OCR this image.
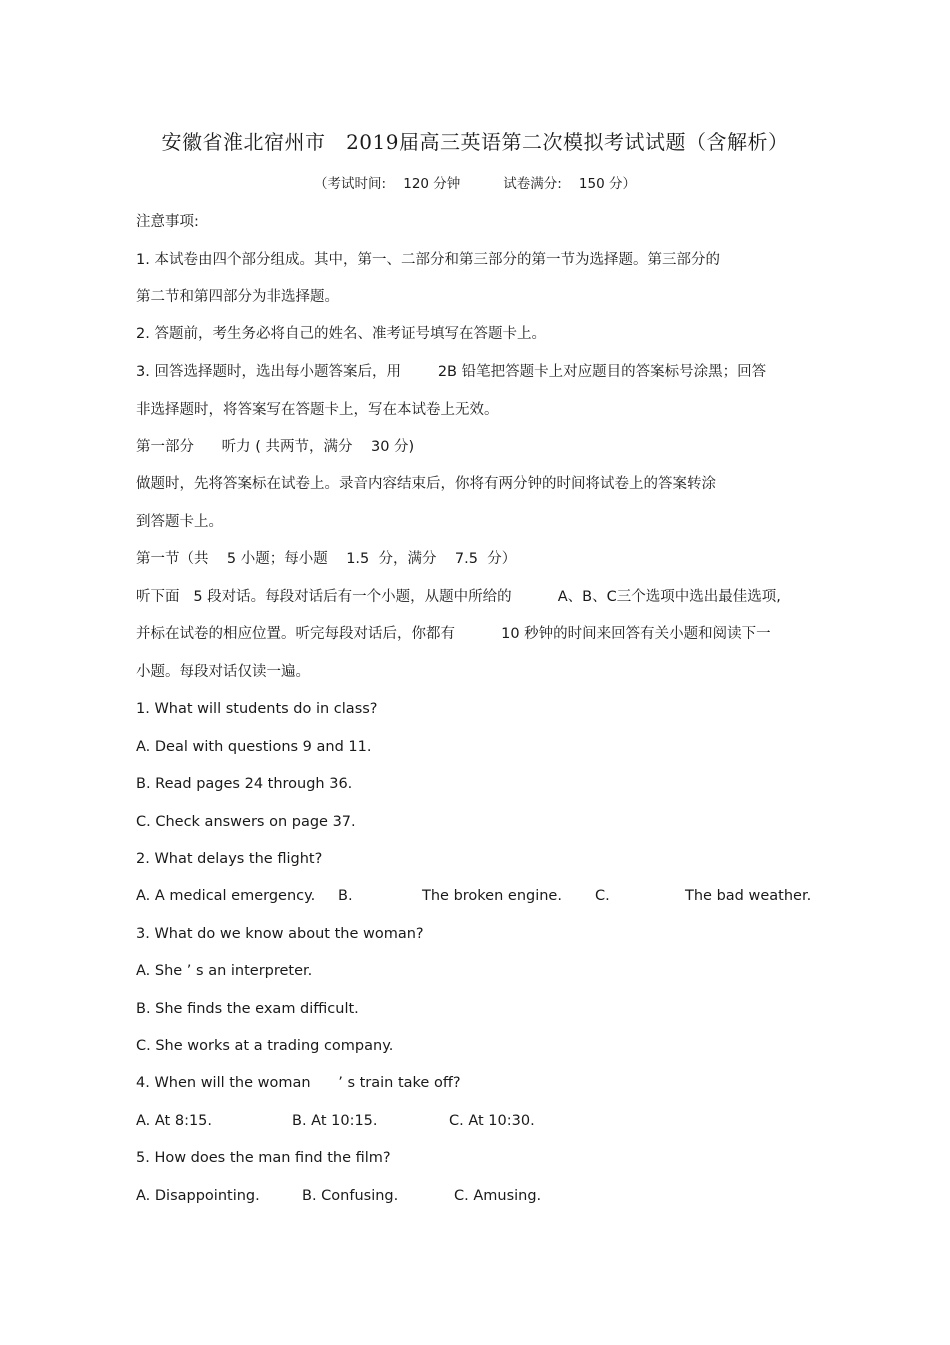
安徽省淮北宿州市   2019届高三英语第二次模拟考试试题（含解析）
（考试时间:    120 分钟          试卷满分:    150 分）
注意事项:
1. 本试卷由四个部分组成。其中，第一、二部分和第三部分的第一节为选择题。第三部分的
第二节和第四部分为非选择题。
2. 答题前，考生务必将自己的姓名、准考证号填写在答题卡上。
3. 回答选择题时，选出每小题答案后，用        2B 铅笔把答题卡上对应题目的答案标号涂黑；回答
非选择题时，将答案写在答题卡上，写在本试卷上无效。
第一部分      听力 ( 共两节，满分    30 分)
做题时，先将答案标在试卷上。录音内容结束后，你将有两分钟的时间将试卷上的答案转涂
到答题卡上。
第一节（共    5 小题；每小题    1.5  分，满分    7.5  分）
听下面   5 段对话。每段对话后有一个小题，从题中所给的          A、B、C三个选项中选出最佳选项,
并标在试卷的相应位置。听完每段对话后，你都有          10 秒钟的时间来回答有关小题和阅读下一
小题。每段对话仅读一遍。
1. What will students do in class?
A. Deal with questions 9 and 11.
B. Read pages 24 through 36.
C. Check answers on page 37.
2. What delays the flight?
A. A medical emergency. B.	The broken engine. C.	The bad weather.
3. What do we know about the woman?
A. She ’ s an interpreter.
B. She finds the exam difficult.
C. She works at a trading company.
4. When will the woman      ’ s train take off?
A. At 8:15.	B. At 10:15.	C. At 10:30.
5. How does the man find the film?
A. Disappointing.	B. Confusing.	C. Amusing.
